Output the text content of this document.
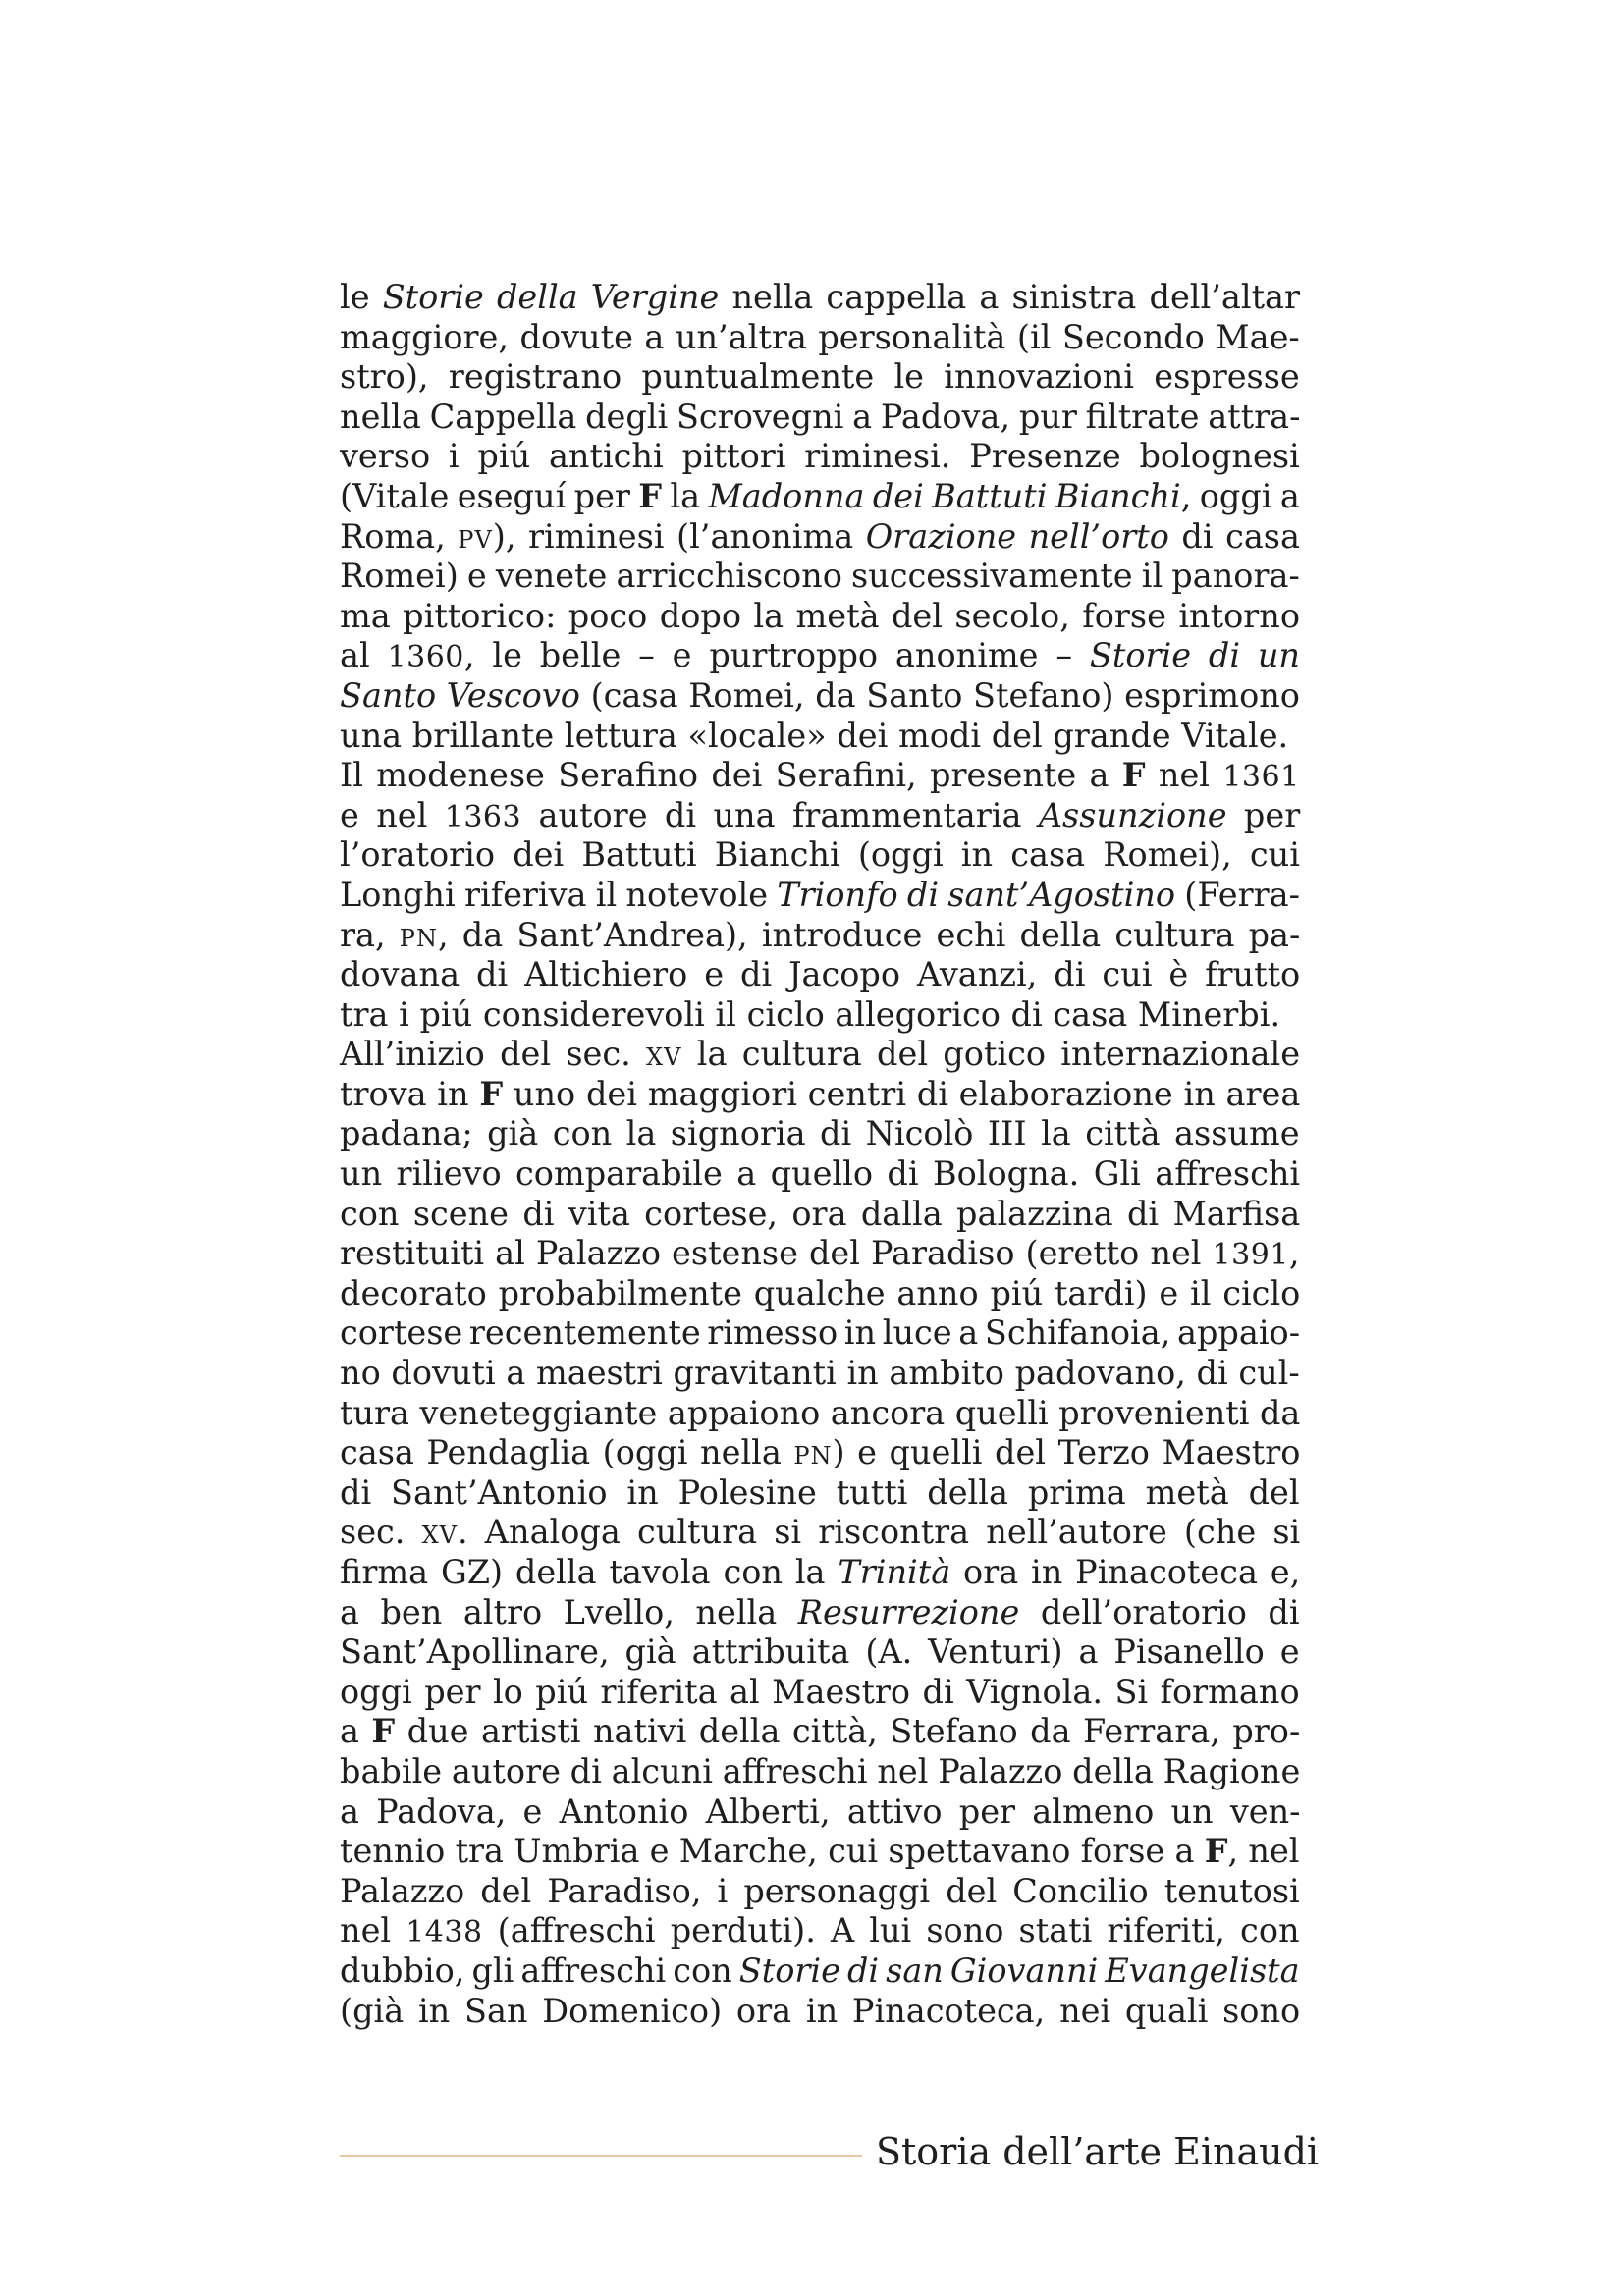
le Storie della Vergine nella cappella a sinistra dell’altar
maggiore, dovute a un’altra personalità (il Secondo Mae-
stro), registrano puntualmente le innovazioni espresse
nella Cappella degli Scrovegni a Padova, pur filtrate attra-
verso i piú antichi pittori riminesi. Presenze bolognesi
(Vitale eseguí per F la Madonna dei Battuti Bianchi, oggi a
Roma, PV), riminesi (l’anonima Orazione nell’orto di casa
Romei) e venete arricchiscono successivamente il panora-
ma pittorico: poco dopo la metà del secolo, forse intorno
al 1360, le belle – e purtroppo anonime – Storie di un
Santo Vescovo (casa Romei, da Santo Stefano) esprimono
una brillante lettura «locale» dei modi del grande Vitale.
Il modenese Serafino dei Serafini, presente a F nel 1361
e nel 1363 autore di una frammentaria Assunzione per
l’oratorio dei Battuti Bianchi (oggi in casa Romei), cui
Longhi riferiva il notevole Trionfo di sant’Agostino (Ferra-
ra, PN, da Sant’Andrea), introduce echi della cultura pa-
dovana di Altichiero e di Jacopo Avanzi, di cui è frutto
tra i piú considerevoli il ciclo allegorico di casa Minerbi.
All’inizio del sec. XV la cultura del gotico internazionale
trova in F uno dei maggiori centri di elaborazione in area
padana; già con la signoria di Nicolò III la città assume
un rilievo comparabile a quello di Bologna. Gli affreschi
con scene di vita cortese, ora dalla palazzina di Marfisa
restituiti al Palazzo estense del Paradiso (eretto nel 1391,
decorato probabilmente qualche anno piú tardi) e il ciclo
cortese recentemente rimesso in luce a Schifanoia, appaio-
no dovuti a maestri gravitanti in ambito padovano, di cul-
tura veneteggiante appaiono ancora quelli provenienti da
casa Pendaglia (oggi nella PN) e quelli del Terzo Maestro
di Sant’Antonio in Polesine tutti della prima metà del
sec. XV. Analoga cultura si riscontra nell’autore (che si
firma GZ) della tavola con la Trinità ora in Pinacoteca e,
a ben altro Lvello, nella Resurrezione dell’oratorio di
Sant’Apollinare, già attribuita (A. Venturi) a Pisanello e
oggi per lo piú riferita al Maestro di Vignola. Si formano
a F due artisti nativi della città, Stefano da Ferrara, pro-
babile autore di alcuni affreschi nel Palazzo della Ragione
a Padova, e Antonio Alberti, attivo per almeno un ven-
tennio tra Umbria e Marche, cui spettavano forse a F, nel
Palazzo del Paradiso, i personaggi del Concilio tenutosi
nel 1438 (affreschi perduti). A lui sono stati riferiti, con
dubbio, gli affreschi con Storie di san Giovanni Evangelista
(già in San Domenico) ora in Pinacoteca, nei quali sono
Storia dell’arte Einaudi
